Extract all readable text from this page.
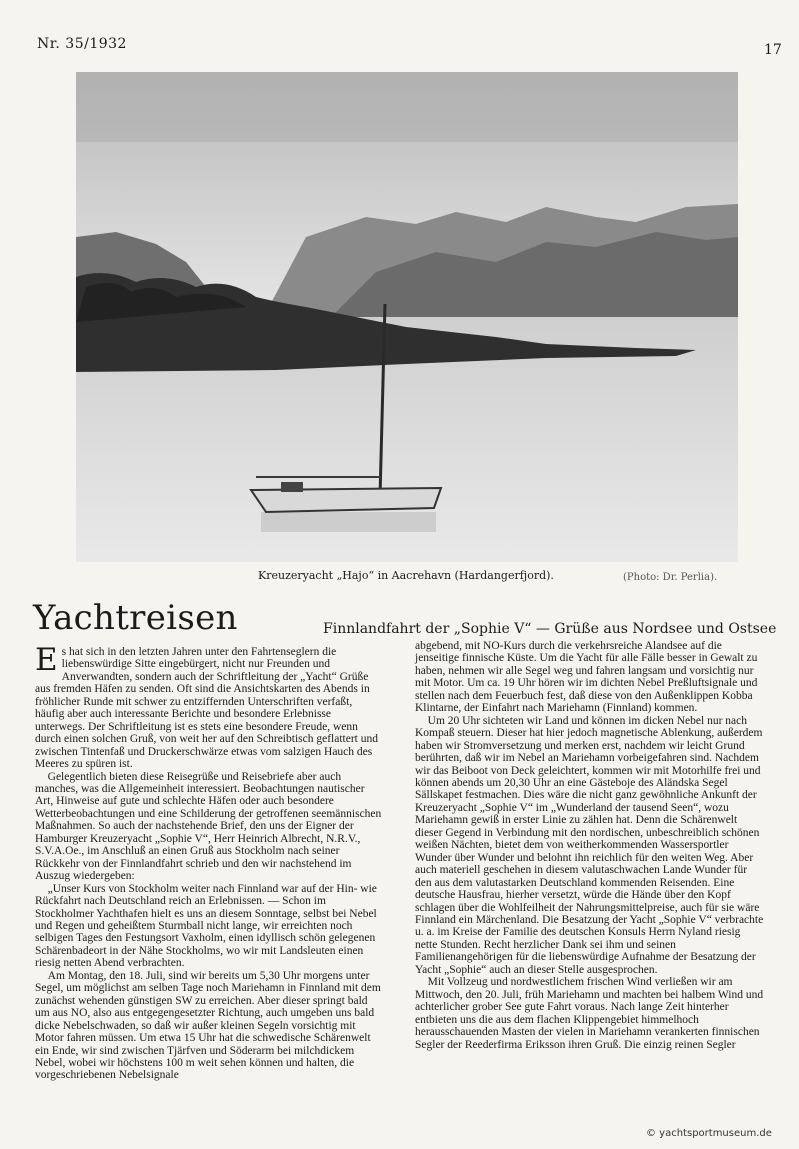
Nr. 35/1932	17
Kreuzeryacht „Hajo“ in Aacrehavn (Hardangerfjord).	(Photo: Dr. Perlia).
Yachtreisen	Finnlandfahrt der „Sophie V“ — Grüße aus Nordsee und Ostsee

Es hat sich in den letzten Jahren unter den Fahrtenseglern die liebenswürdige Sitte eingebürgert, nicht nur Freunden und Anverwandten, sondern auch der Schriftleitung der „Yacht“ Grüße aus fremden Häfen zu senden. Oft sind die Ansichtskarten des Abends in fröhlicher Runde mit schwer zu entziffernden Unterschriften verfaßt, häufig aber auch interessante Berichte und besondere Erlebnisse unterwegs. Der Schriftleitung ist es stets eine besondere Freude, wenn durch einen solchen Gruß, von weit her auf den Schreibtisch geflattert und zwischen Tintenfaß und Druckerschwärze etwas vom salzigen Hauch des Meeres zu spüren ist.

Gelegentlich bieten diese Reisegrüße und Reisebriefe aber auch manches, was die Allgemeinheit interessiert. Beobachtungen nautischer Art, Hinweise auf gute und schlechte Häfen oder auch besondere Wetterbeobachtungen und eine Schilderung der getroffenen seemännischen Maßnahmen. So auch der nachstehende Brief, den uns der Eigner der Hamburger Kreuzeryacht „Sophie V“, Herr Heinrich Albrecht, N.R.V., S.V.A.Oe., im Anschluß an einen Gruß aus Stockholm nach seiner Rückkehr von der Finnlandfahrt schrieb und den wir nachstehend im Auszug wiedergeben:

„Unser Kurs von Stockholm weiter nach Finnland war auf der Hin- wie Rückfahrt nach Deutschland reich an Erlebnissen. — Schon im Stockholmer Yachthafen hielt es uns an diesem Sonntage, selbst bei Nebel und Regen und geheißtem Sturmball nicht lange, wir erreichten noch selbigen Tages den Festungsort Vaxholm, einen idyllisch schön gelegenen Schärenbadeort in der Nähe Stockholms, wo wir mit Landsleuten einen riesig netten Abend verbrachten.

Am Montag, den 18. Juli, sind wir bereits um 5,30 Uhr morgens unter Segel, um möglichst am selben Tage noch Mariehamn in Finnland mit dem zunächst wehenden günstigen SW zu erreichen. Aber dieser springt bald um aus NO, also aus entgegengesetzter Richtung, auch umgeben uns bald dicke Nebelschwaden, so daß wir außer kleinen Segeln vorsichtig mit Motor fahren müssen. Um etwa 15 Uhr hat die schwedische Schärenwelt ein Ende, wir sind zwischen Tjärfven und Söderarm bei milchdickem Nebel, wobei wir höchstens 100 m weit sehen können und halten, die vorgeschriebenen Nebelsignale

abgebend, mit NO-Kurs durch die verkehrsreiche Alandsee auf die jenseitige finnische Küste. Um die Yacht für alle Fälle besser in Gewalt zu haben, nehmen wir alle Segel weg und fahren langsam und vorsichtig nur mit Motor. Um ca. 19 Uhr hören wir im dichten Nebel Preßluftsignale und stellen nach dem Feuerbuch fest, daß diese von den Außenklippen Kobba Klintarne, der Einfahrt nach Mariehamn (Finnland) kommen.

Um 20 Uhr sichteten wir Land und können im dicken Nebel nur nach Kompaß steuern. Dieser hat hier jedoch magnetische Ablenkung, außerdem haben wir Stromversetzung und merken erst, nachdem wir leicht Grund berührten, daß wir im Nebel an Mariehamn vorbeigefahren sind. Nachdem wir das Beiboot von Deck geleichtert, kommen wir mit Motorhilfe frei und können abends um 20,30 Uhr an eine Gästeboje des Aländska Segel Sällskapet festmachen. Dies wäre die nicht ganz gewöhnliche Ankunft der Kreuzeryacht „Sophie V“ im „Wunderland der tausend Seen“, wozu Mariehamn gewiß in erster Linie zu zählen hat. Denn die Schärenwelt dieser Gegend in Verbindung mit den nordischen, unbeschreiblich schönen weißen Nächten, bietet dem von weitherkommenden Wassersportler Wunder über Wunder und belohnt ihn reichlich für den weiten Weg. Aber auch materiell geschehen in diesem valutaschwachen Lande Wunder für den aus dem valutastarken Deutschland kommenden Reisenden. Eine deutsche Hausfrau, hierher versetzt, würde die Hände über den Kopf schlagen über die Wohlfeilheit der Nahrungsmittelpreise, auch für sie wäre Finnland ein Märchenland. Die Besatzung der Yacht „Sophie V“ verbrachte u. a. im Kreise der Familie des deutschen Konsuls Herrn Nyland riesig nette Stunden. Recht herzlicher Dank sei ihm und seinen Familienangehörigen für die liebenswürdige Aufnahme der Besatzung der Yacht „Sophie“ auch an dieser Stelle ausgesprochen.

Mit Vollzeug und nordwestlichem frischen Wind verließen wir am Mittwoch, den 20. Juli, früh Mariehamn und machten bei halbem Wind und achterlicher grober See gute Fahrt voraus. Nach lange Zeit hinterher entbieten uns die aus dem flachen Klippengebiet himmelhoch herausschauenden Masten der vielen in Mariehamn verankerten finnischen Segler der Reederfirma Eriksson ihren Gruß. Die einzig reinen Segler

© yachtsportmuseum.de
